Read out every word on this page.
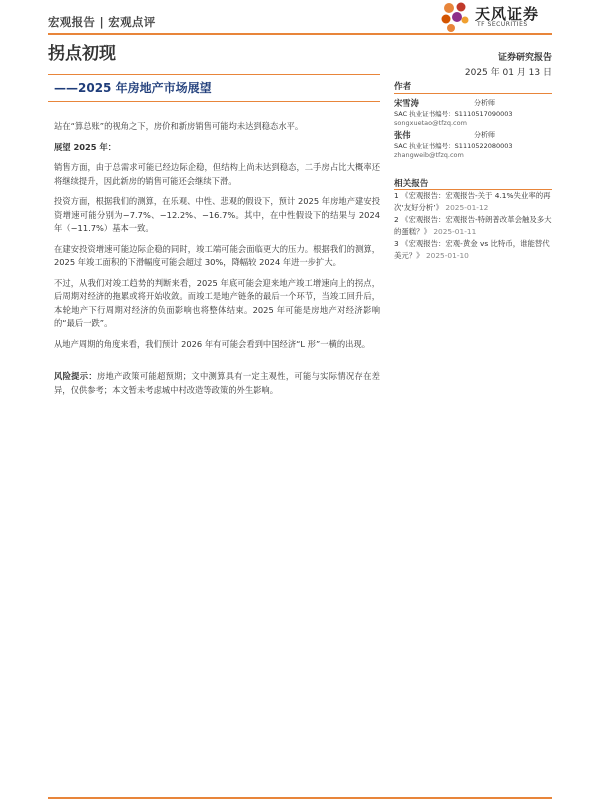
宏观报告 | 宏观点评	天风证券
TF SECURITIES
拐点初现	证券研究报告
2025 年 01 月 13 日
——2025 年房地产市场展望

站在“算总账”的视角之下，房价和新房销售可能均未达到稳态水平。

展望 2025 年：

销售方面，由于总需求可能已经边际企稳，但结构上尚未达到稳态，二手房占比大概率还将继续提升，因此新房的销售可能还会继续下滑。

投资方面，根据我们的测算，在乐观、中性、悲观的假设下，预计 2025 年房地产建安投资增速可能分别为−7.7%、−12.2%、−16.7%。其中，在中性假设下的结果与 2024 年（−11.7%）基本一致。

在建安投资增速可能边际企稳的同时，竣工端可能会面临更大的压力。根据我们的测算，2025 年竣工面积的下滑幅度可能会超过 30%，降幅较 2024 年进一步扩大。

不过，从我们对竣工趋势的判断来看，2025 年底可能会迎来地产竣工增速向上的拐点，后周期对经济的拖累或将开始收敛。而竣工是地产链条的最后一个环节，当竣工回升后，本轮地产下行周期对经济的负面影响也将整体结束。2025 年可能是房地产对经济影响的“最后一跌”。

从地产周期的角度来看，我们预计 2026 年有可能会看到中国经济“L 形”一横的出现。

风险提示：房地产政策可能超预期；文中测算具有一定主观性，可能与实际情况存在差异，仅供参考；本文暂未考虑城中村改造等政策的外生影响。

作者
宋雪涛	分析师
SAC 执业证书编号：S1110517090003
songxuetao@tfzq.com
张伟	分析师
SAC 执业证书编号：S1110522080003
zhangweib@tfzq.com
相关报告
1 《宏观报告：宏观报告-关于 4.1%失业率的再次‘友好分析’》 2025-01-12
2 《宏观报告：宏观报告-特朗普改革会触及多大的蛋糕？》 2025-01-11
3 《宏观报告：宏观-黄金 vs 比特币，谁能替代美元？》 2025-01-10
